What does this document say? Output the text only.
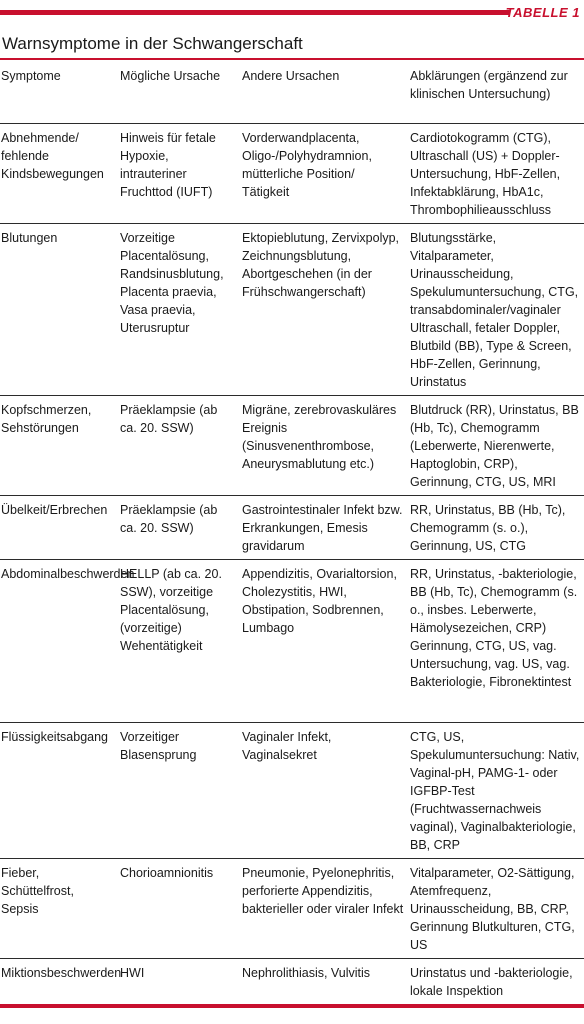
TABELLE 1
Warnsymptome in der Schwangerschaft
Symptome	Mögliche Ursache	Andere Ursachen	Abklärungen (ergänzend zur klinischen Untersuchung)
Abnehmende/ fehlende Kindsbewegungen	Hinweis für fetale Hypoxie, intrauteriner Fruchttod (IUFT)	Vorderwandplacenta, Oligo-/Polyhydramnion, mütterliche Position/ Tätigkeit	Cardiotokogramm (CTG), Ultraschall (US) + Doppler-Untersuchung, HbF-Zellen, Infektabklärung, HbA1c, Thrombophilieausschluss
Blutungen	Vorzeitige Placentalösung, Randsinusblutung, Placenta praevia, Vasa praevia, Uterusruptur	Ektopieblutung, Zervixpolyp, Zeichnungsblutung, Abortgeschehen (in der Frühschwangerschaft)	Blutungsstärke, Vitalparameter, Urinausscheidung, Spekulumuntersuchung, CTG, transabdominaler/vaginaler Ultraschall, fetaler Doppler, Blutbild (BB), Type & Screen, HbF-Zellen, Gerinnung, Urinstatus
Kopfschmerzen, Sehstörungen	Präeklampsie (ab ca. 20. SSW)	Migräne, zerebrovaskuläres Ereignis (Sinusvenenthrombose, Aneurysmablutung etc.)	Blutdruck (RR), Urinstatus, BB (Hb, Tc), Chemogramm (Leberwerte, Nierenwerte, Haptoglobin, CRP), Gerinnung, CTG, US, MRI
Übelkeit/Erbrechen	Präeklampsie (ab ca. 20. SSW)	Gastrointestinaler Infekt bzw. Erkrankungen, Emesis gravidarum	RR, Urinstatus, BB (Hb, Tc), Chemogramm (s. o.), Gerinnung, US, CTG
Abdominalbeschwerden	HELLP (ab ca. 20. SSW), vorzeitige Placentalösung, (vorzeitige) Wehentätigkeit	Appendizitis, Ovarialtorsion, Cholezystitis, HWI, Obstipation, Sodbrennen, Lumbago	RR, Urinstatus, -bakteriologie, BB (Hb, Tc), Chemogramm (s. o., insbes. Leberwerte, Hämolysezeichen, CRP) Gerinnung, CTG, US, vag. Untersuchung, vag. US, vag. Bakteriologie, Fibronektintest
Flüssigkeitsabgang	Vorzeitiger Blasensprung	Vaginaler Infekt, Vaginalsekret	CTG, US, Spekulumuntersuchung: Nativ, Vaginal-pH, PAMG-1- oder IGFBP-Test (Fruchtwassernachweis vaginal), Vaginalbakteriologie, BB, CRP
Fieber, Schüttelfrost, Sepsis	Chorioamnionitis	Pneumonie, Pyelonephritis, perforierte Appendizitis, bakterieller oder viraler Infekt	Vitalparameter, O2-Sättigung, Atemfrequenz, Urinausscheidung, BB, CRP, Gerinnung Blutkulturen, CTG, US
Miktionsbeschwerden	HWI	Nephrolithiasis, Vulvitis	Urinstatus und -bakteriologie, lokale Inspektion
